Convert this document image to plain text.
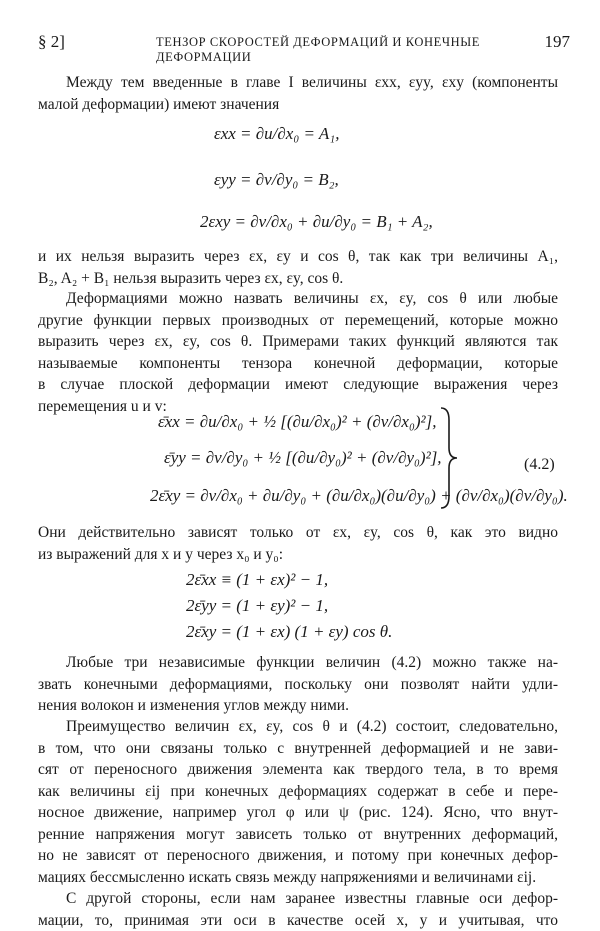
§ 2]	ТЕНЗОР СКОРОСТЕЙ ДЕФОРМАЦИЙ И КОНЕЧНЫЕ ДЕФОРМАЦИИ
197
Между тем введенные в главе I величины εxx, εyy, εxy (компоненты
малой деформации) имеют значения
εxx = ∂u/∂x₀ = A₁,
εyy = ∂v/∂y₀ = B₂,
2εxy = ∂v/∂x₀ + ∂u/∂y₀ = B₁ + A₂,
и их нельзя выразить через εx, εy и cos θ, так как три величины A₁,
B₂, A₂ + B₁ нельзя выразить через εx, εy, cos θ.
Деформациями можно назвать величины εx, εy, cos θ или любые
другие функции первых производных от перемещений, которые можно
выразить через εx, εy, cos θ. Примерами таких функций являются так
называемые компоненты тензора конечной деформации, которые
в случае плоской деформации имеют следующие выражения через
перемещения u и v:
ε̄xx = ∂u/∂x₀ + ½ [(∂u/∂x₀)² + (∂v/∂x₀)²],
ε̄yy = ∂v/∂y₀ + ½ [(∂u/∂y₀)² + (∂v/∂y₀)²],
2ε̄xy = ∂v/∂x₀ + ∂u/∂y₀ + (∂u/∂x₀)(∂u/∂y₀) + (∂v/∂x₀)(∂v/∂y₀).
(4.2)
Они действительно зависят только от εx, εy, cos θ, как это видно
из выражений для x и y через x₀ и y₀:
2ε̄xx ≡ (1 + εx)² − 1,
2ε̄yy = (1 + εy)² − 1,
2ε̄xy = (1 + εx) (1 + εy) cos θ.
Любые три независимые функции величин (4.2) можно также на-
звать конечными деформациями, поскольку они позволят найти удли-
нения волокон и изменения углов между ними.
Преимущество величин εx, εy, cos θ и (4.2) состоит, следовательно,
в том, что они связаны только с внутренней деформацией и не зави-
сят от переносного движения элемента как твердого тела, в то время
как величины εij при конечных деформациях содержат в себе и пере-
носное движение, например угол φ или ψ (рис. 124). Ясно, что внут-
ренние напряжения могут зависеть только от внутренних деформаций,
но не зависят от переносного движения, и потому при конечных дефор-
мациях бессмысленно искать связь между напряжениями и величинами εij.
С другой стороны, если нам заранее известны главные оси дефор-
мации, то, принимая эти оси в качестве осей x, y и учитывая, что
